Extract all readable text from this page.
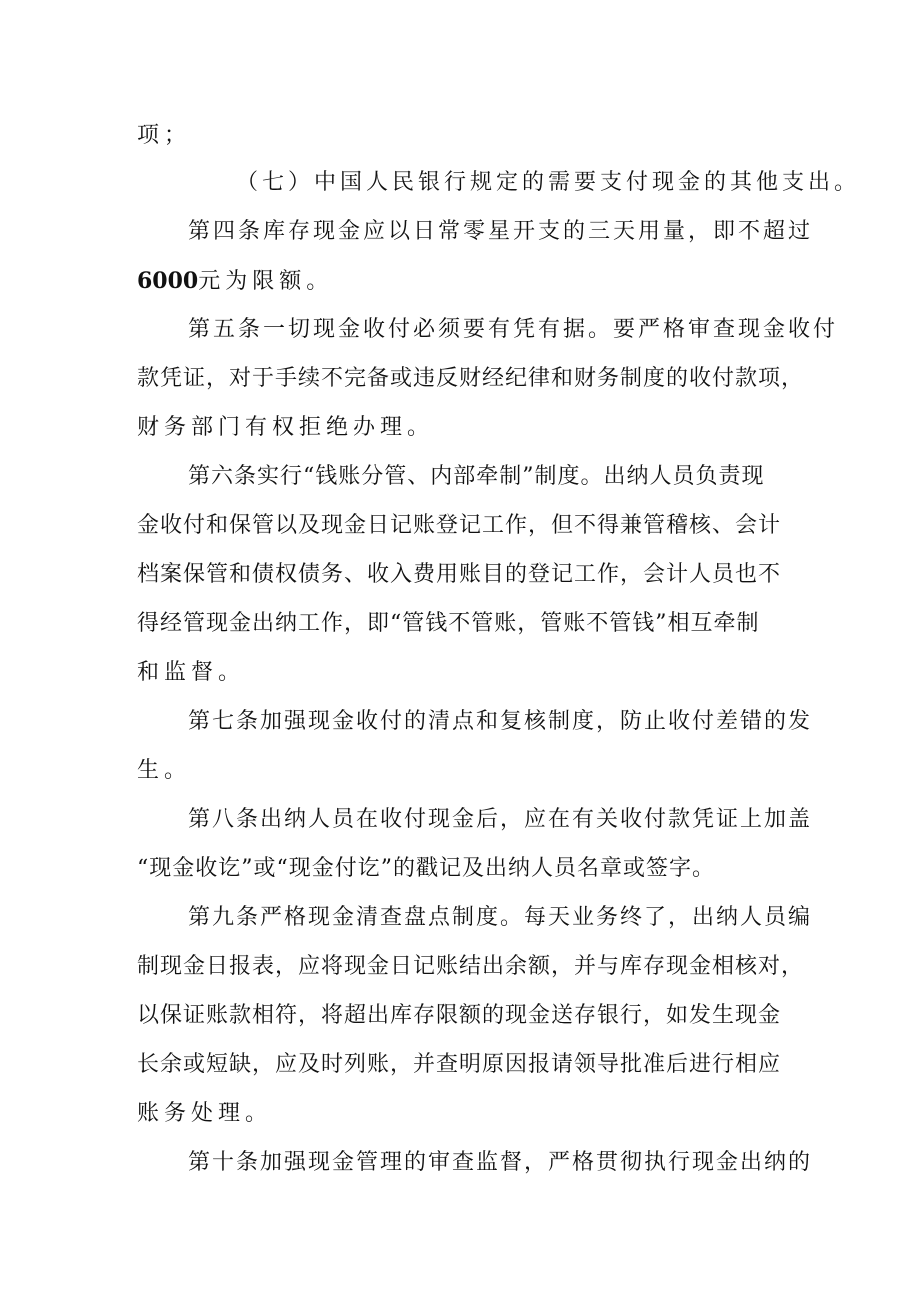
项；

（七）中国人民银行规定的需要支付现金的其他支出。

第四条库存现金应以日常零星开支的三天用量，即不超过

6000元为限额。

第五条一切现金收付必须要有凭有据。要严格审查现金收付

款凭证，对于手续不完备或违反财经纪律和财务制度的收付款项，

财务部门有权拒绝办理。

第六条实行“钱账分管、内部牵制”制度。出纳人员负责现

金收付和保管以及现金日记账登记工作，但不得兼管稽核、会计

档案保管和债权债务、收入费用账目的登记工作，会计人员也不

得经管现金出纳工作，即“管钱不管账，管账不管钱”相互牵制

和监督。

第七条加强现金收付的清点和复核制度，防止收付差错的发

生。

第八条出纳人员在收付现金后，应在有关收付款凭证上加盖

“现金收讫”或“现金付讫”的戳记及出纳人员名章或签字。

第九条严格现金清查盘点制度。每天业务终了，出纳人员编

制现金日报表，应将现金日记账结出余额，并与库存现金相核对，

以保证账款相符，将超出库存限额的现金送存银行，如发生现金

长余或短缺，应及时列账，并查明原因报请领导批准后进行相应

账务处理。

第十条加强现金管理的审查监督，严格贯彻执行现金出纳的
